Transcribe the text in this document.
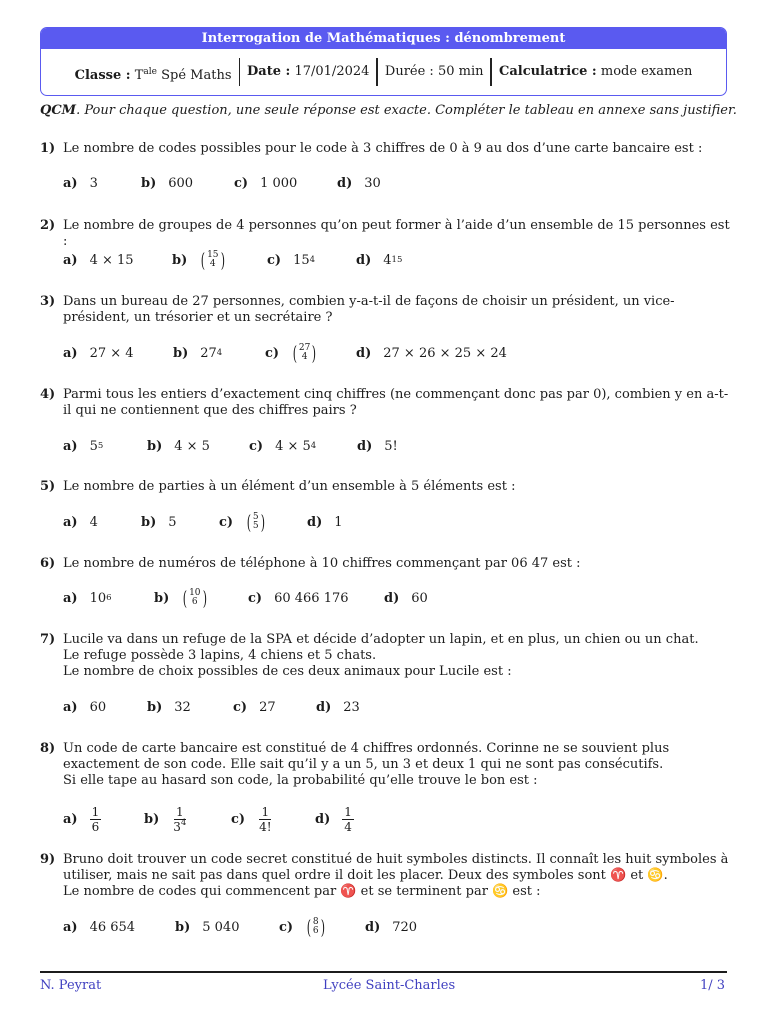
Interrogation de Mathématiques : dénombrement
Classe : $T^{ale}$ Spé Maths	Date : 17/01/2024	Durée : 50 min	Calculatrice : mode examen
QCM. Pour chaque question, une seule réponse est exacte. Compléter le tableau en annexe sans justifier.
1) Le nombre de codes possibles pour le code à 3 chiffres de 0 à 9 au dos d’une carte bancaire est :
a) 3	b) 600	c) 1 000	d) 30
2) Le nombre de groupes de 4 personnes qu’on peut former à l’aide d’un ensemble de 15 personnes est :
a) 4 × 15	b) ( 15
4 )	c) 15 4	d) 4 15
3) Dans un bureau de 27 personnes, combien y-a-t-il de façons de choisir un président, un vice-président, un trésorier et un secrétaire ?
a) 27 × 4	b) 27 4	c) ( 27
4 )	d) 27 × 26 × 25 × 24
4) Parmi tous les entiers d’exactement cinq chiffres (ne commençant donc pas par 0), combien y en a-t-il qui ne contiennent que des chiffres pairs ?
a) 5 5	b) 4 × 5	c) 4 × 5 4	d) 5!
5) Le nombre de parties à un élément d’un ensemble à 5 éléments est :
a) 4	b) 5	c) ( 5
5 )	d) 1
6) Le nombre de numéros de téléphone à 10 chiffres commençant par 06 47 est :
a) 10 6	b) ( 10
6 )	c) 60 466 176	d) 60
7) Lucile va dans un refuge de la SPA et décide d’adopter un lapin, et en plus, un chien ou un chat.
Le refuge possède 3 lapins, 4 chiens et 5 chats.
Le nombre de choix possibles de ces deux animaux pour Lucile est :
a) 60	b) 32	c) 27	d) 23
8) Un code de carte bancaire est constitué de 4 chiffres ordonnés. Corinne ne se souvient plus exactement de son code. Elle sait qu’il y a un 5, un 3 et deux 1 qui ne sont pas consécutifs.
Si elle tape au hasard son code, la probabilité qu’elle trouve le bon est :
$a) \frac{1}{6}$	$b) \frac{1}{3^4}$	$c) \frac{1}{4!}$	$d) \frac{1}{4}$
9) Bruno doit trouver un code secret constitué de huit symboles distincts. Il connaît les huit symboles à utiliser, mais ne sait pas dans quel ordre il doit les placer. Deux des symboles sont ♈ et ♋.
Le nombre de codes qui commencent par ♈ et se terminent par ♋ est :
a) 46 654	b) 5 040	c) ( 8
6 )	d) 720
N. Peyrat	Lycée Saint-Charles	1/ 3
